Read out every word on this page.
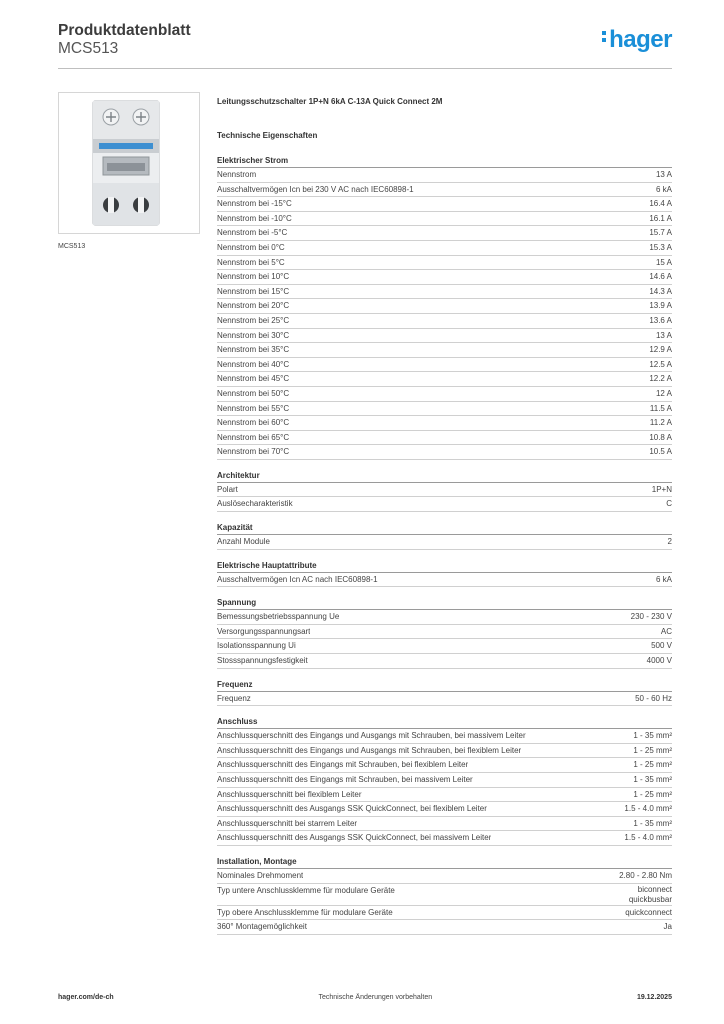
Produktdatenblatt
MCS513	hager
MCS513
Leitungsschutzschalter 1P+N 6kA C-13A Quick Connect 2M
Technische Eigenschaften
Elektrischer Strom
Nennstrom	13 A
Ausschaltvermögen Icn bei 230 V AC nach IEC60898-1	6 kA
Nennstrom bei -15°C	16.4 A
Nennstrom bei -10°C	16.1 A
Nennstrom bei -5°C	15.7 A
Nennstrom bei 0°C	15.3 A
Nennstrom bei 5°C	15 A
Nennstrom bei 10°C	14.6 A
Nennstrom bei 15°C	14.3 A
Nennstrom bei 20°C	13.9 A
Nennstrom bei 25°C	13.6 A
Nennstrom bei 30°C	13 A
Nennstrom bei 35°C	12.9 A
Nennstrom bei 40°C	12.5 A
Nennstrom bei 45°C	12.2 A
Nennstrom bei 50°C	12 A
Nennstrom bei 55°C	11.5 A
Nennstrom bei 60°C	11.2 A
Nennstrom bei 65°C	10.8 A
Nennstrom bei 70°C	10.5 A
Architektur
Polart	1P+N
Auslösecharakteristik	C
Kapazität
Anzahl Module	2
Elektrische Hauptattribute
Ausschaltvermögen Icn AC nach IEC60898-1	6 kA
Spannung
Bemessungsbetriebsspannung Ue	230 - 230 V
Versorgungsspannungsart	AC
Isolationsspannung Ui	500 V
Stossspannungsfestigkeit	4000 V
Frequenz
Frequenz	50 - 60 Hz
Anschluss
Anschlussquerschnitt des Eingangs und Ausgangs mit Schrauben, bei massivem Leiter	1 - 35 mm²
Anschlussquerschnitt des Eingangs und Ausgangs mit Schrauben, bei flexiblem Leiter	1 - 25 mm²
Anschlussquerschnitt des Eingangs mit Schrauben, bei flexiblem Leiter	1 - 25 mm²
Anschlussquerschnitt des Eingangs mit Schrauben, bei massivem Leiter	1 - 35 mm²
Anschlussquerschnitt bei flexiblem Leiter	1 - 25 mm²
Anschlussquerschnitt des Ausgangs SSK QuickConnect, bei flexiblem Leiter	1.5 - 4.0 mm²
Anschlussquerschnitt bei starrem Leiter	1 - 35 mm²
Anschlussquerschnitt des Ausgangs SSK QuickConnect, bei massivem Leiter	1.5 - 4.0 mm²
Installation, Montage
Nominales Drehmoment	2.80 - 2.80 Nm
Typ untere Anschlussklemme für modulare Geräte	biconnect quickbusbar
Typ obere Anschlussklemme für modulare Geräte	quickconnect
360° Montagemöglichkeit	Ja
hager.com/de-ch	Technische Änderungen vorbehalten	19.12.2025
